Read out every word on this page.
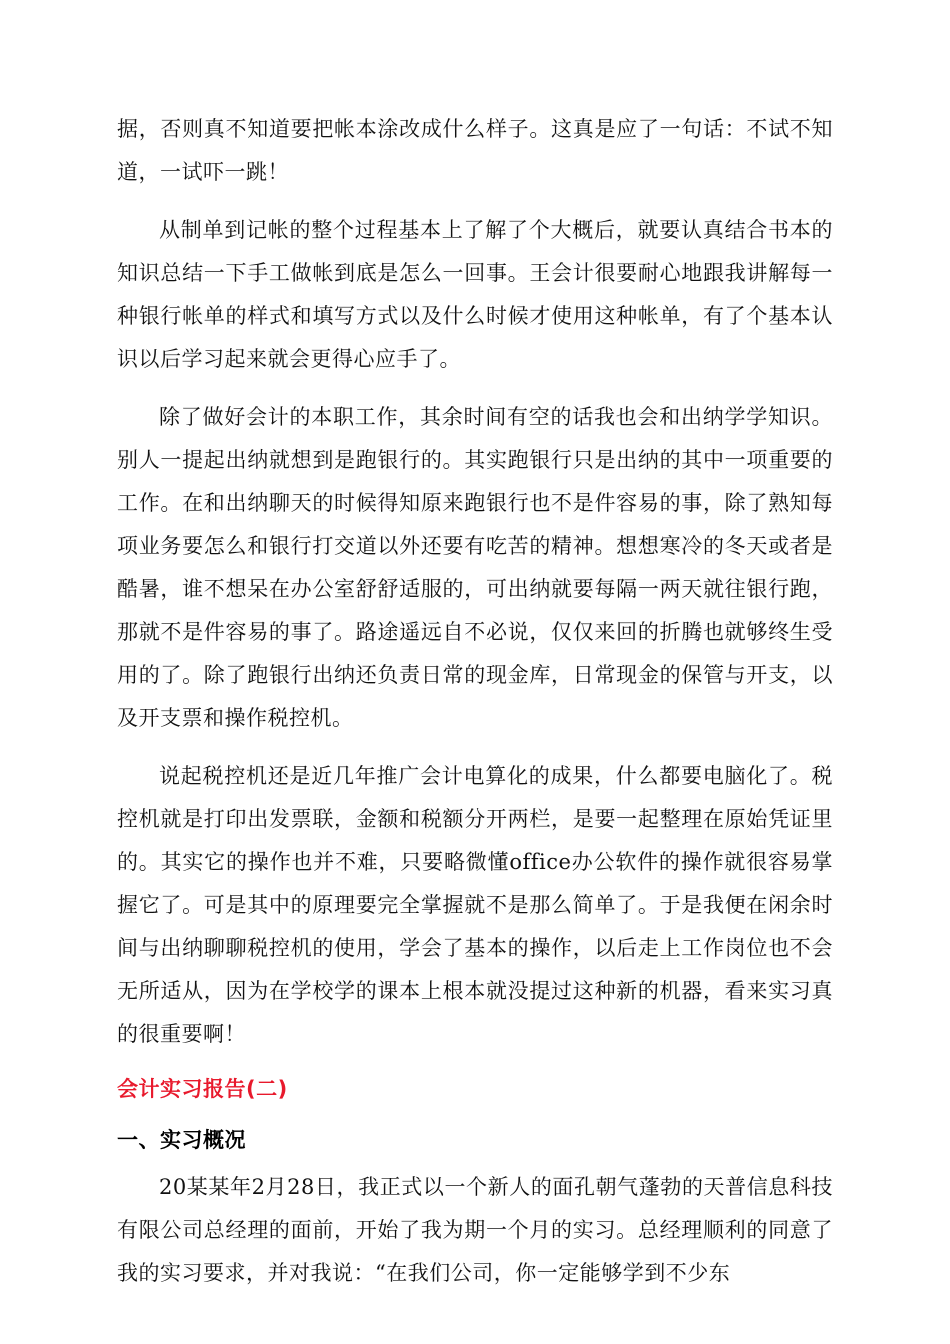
据，否则真不知道要把帐本涂改成什么样子。这真是应了一句话：不试不知道，一试吓一跳！

从制单到记帐的整个过程基本上了解了个大概后，就要认真结合书本的知识总结一下手工做帐到底是怎么一回事。王会计很要耐心地跟我讲解每一种银行帐单的样式和填写方式以及什么时候才使用这种帐单，有了个基本认识以后学习起来就会更得心应手了。

除了做好会计的本职工作，其余时间有空的话我也会和出纳学学知识。别人一提起出纳就想到是跑银行的。其实跑银行只是出纳的其中一项重要的工作。在和出纳聊天的时候得知原来跑银行也不是件容易的事，除了熟知每项业务要怎么和银行打交道以外还要有吃苦的精神。想想寒冷的冬天或者是酷暑，谁不想呆在办公室舒舒适服的，可出纳就要每隔一两天就往银行跑，那就不是件容易的事了。路途遥远自不必说，仅仅来回的折腾也就够终生受用的了。除了跑银行出纳还负责日常的现金库，日常现金的保管与开支，以及开支票和操作税控机。

说起税控机还是近几年推广会计电算化的成果，什么都要电脑化了。税控机就是打印出发票联，金额和税额分开两栏，是要一起整理在原始凭证里的。其实它的操作也并不难，只要略微懂office办公软件的操作就很容易掌握它了。可是其中的原理要完全掌握就不是那么简单了。于是我便在闲余时间与出纳聊聊税控机的使用，学会了基本的操作，以后走上工作岗位也不会无所适从，因为在学校学的课本上根本就没提过这种新的机器，看来实习真的很重要啊！

会计实习报告(二)

一、实习概况

20某某年2月28日，我正式以一个新人的面孔朝气蓬勃的天普信息科技有限公司总经理的面前，开始了我为期一个月的实习。总经理顺利的同意了我的实习要求，并对我说：“在我们公司，你一定能够学到不少东
